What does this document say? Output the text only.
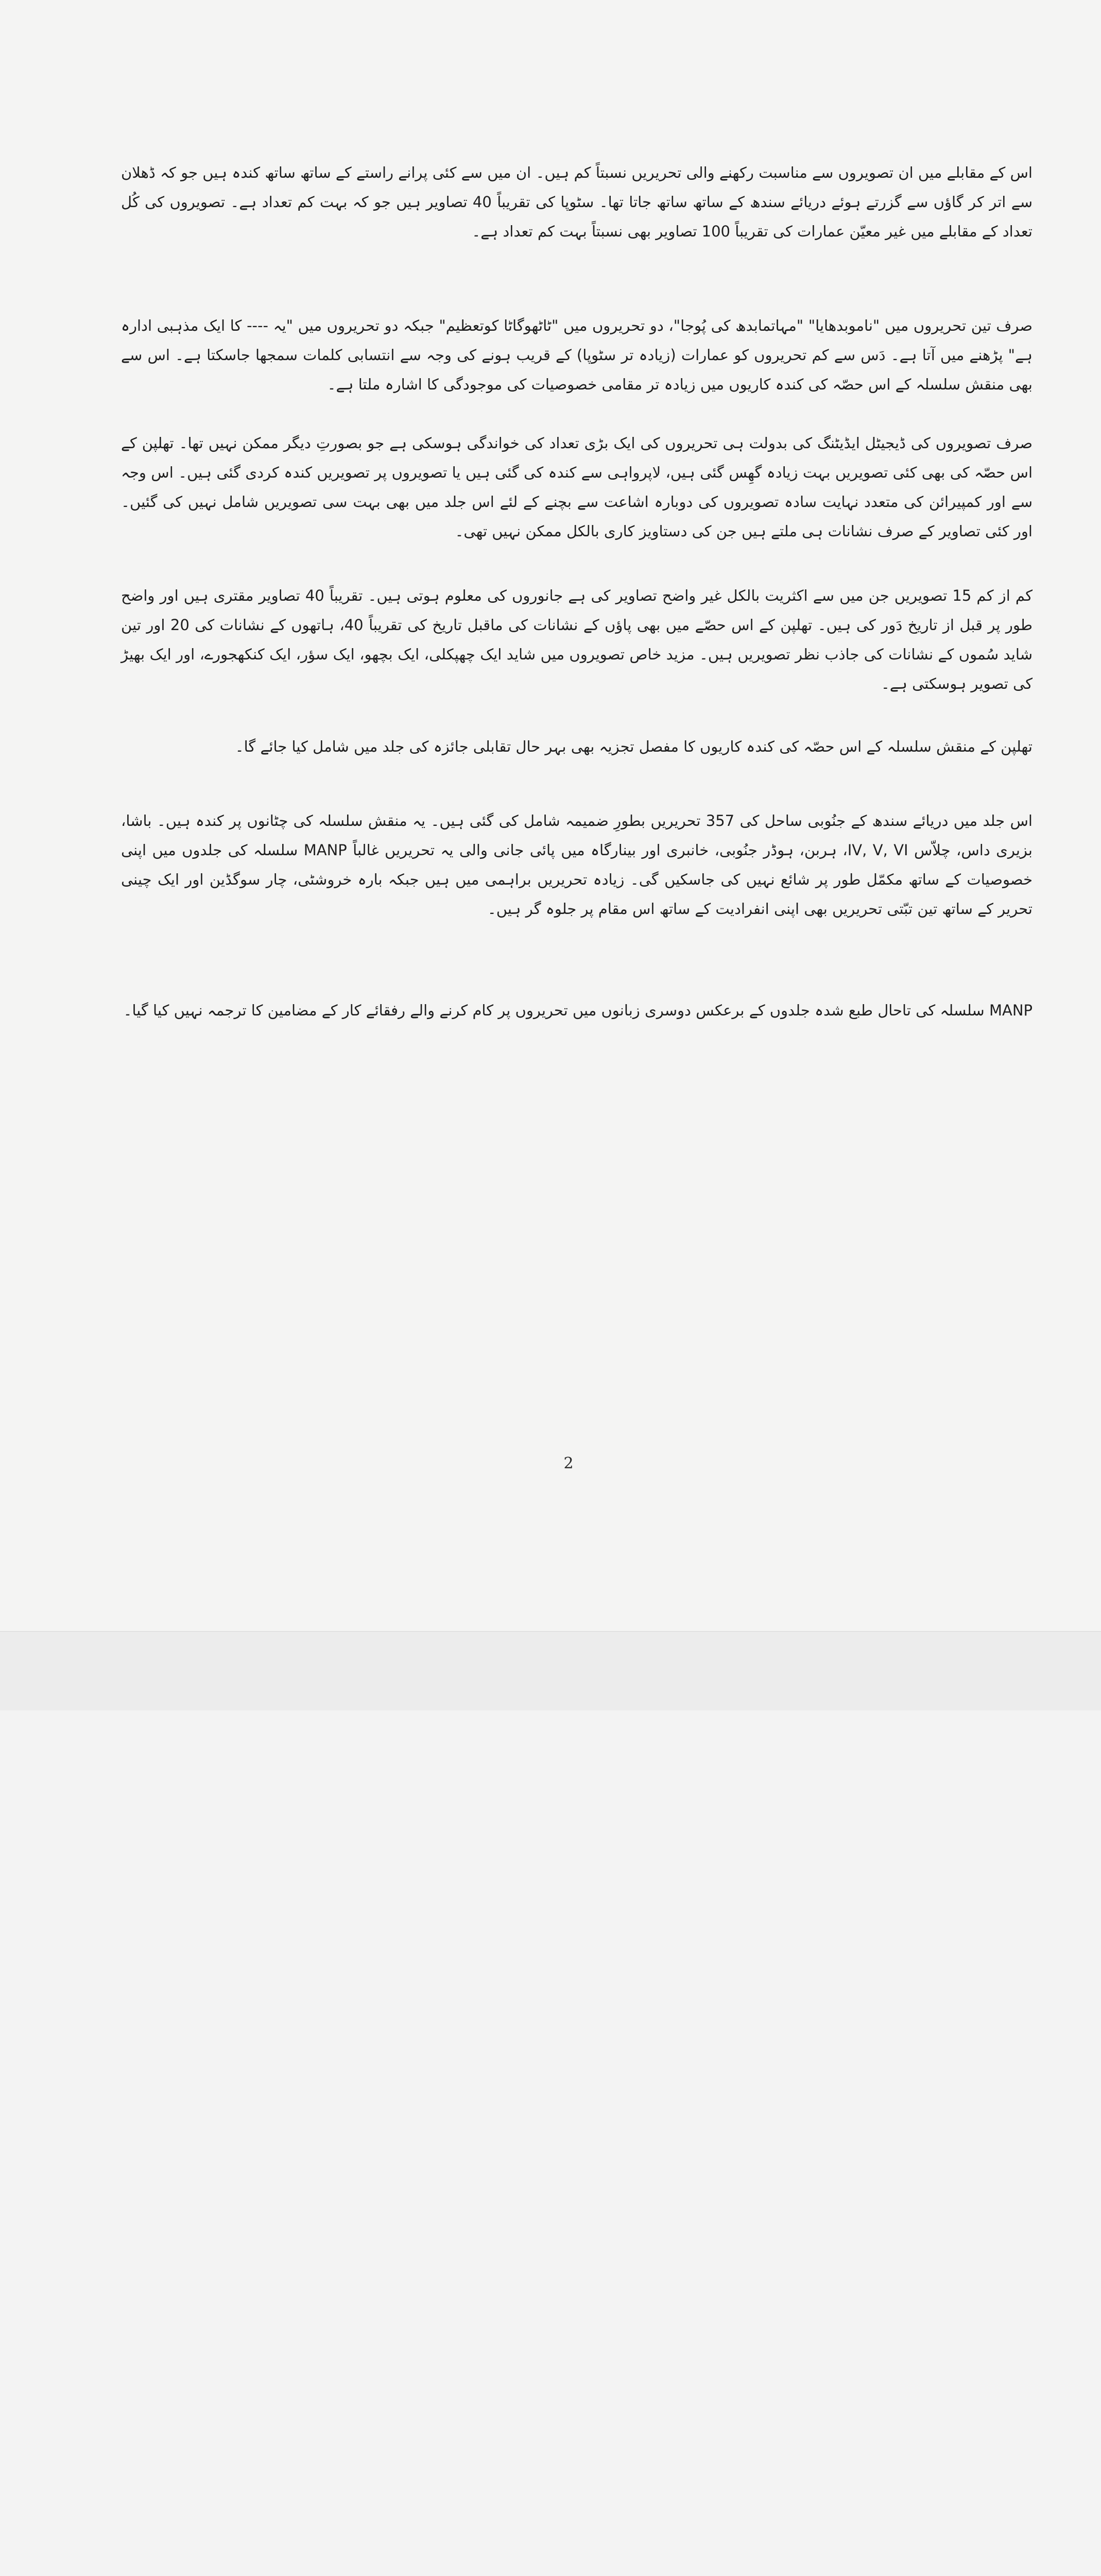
اس کے مقابلے میں ان تصویروں سے مناسبت رکھنے والی تحریریں نسبتاً کم ہیں۔ ان میں سے کئی پرانے راستے کے ساتھ ساتھ کندہ ہیں جو کہ ڈھلان سے اتر کر گاؤں سے گزرتے ہوئے دریائے سندھ کے ساتھ ساتھ جاتا تھا۔ سٹوپا کی تقریباً 40 تصاویر ہیں جو کہ بہت کم تعداد ہے۔ تصویروں کی کُل تعداد کے مقابلے میں غیر معیّن عمارات کی تقریباً 100 تصاویر بھی نسبتاً بہت کم تعداد ہے۔

صرف تین تحریروں میں "ناموبدھایا" "مہاتمابدھ کی پُوجا"، دو تحریروں میں "ٹاٹھوگاٹا کوتعظیم" جبکہ دو تحریروں میں "یہ ---- کا ایک مذہبی ادارہ ہے" پڑھنے میں آتا ہے۔ دَس سے کم تحریروں کو عمارات (زیادہ تر سٹوپا) کے قریب ہونے کی وجہ سے انتسابی کلمات سمجھا جاسکتا ہے۔ اس سے بھی منقش سلسلہ کے اس حصّہ کی کندہ کاریوں میں زیادہ تر مقامی خصوصیات کی موجودگی کا اشارہ ملتا ہے۔

صرف تصویروں کی ڈیجیٹل ایڈیٹنگ کی بدولت ہی تحریروں کی ایک بڑی تعداد کی خواندگی ہوسکی ہے جو بصورتِ دیگر ممکن نہیں تھا۔ تھلپن کے اس حصّہ کی بھی کئی تصویریں بہت زیادہ گھِس گئی ہیں، لاپرواہی سے کندہ کی گئی ہیں یا تصویروں پر تصویریں کندہ کردی گئی ہیں۔ اس وجہ سے اور کمپیرائن کی متعدد نہایت سادہ تصویروں کی دوبارہ اشاعت سے بچنے کے لئے اس جلد میں بھی بہت سی تصویریں شامل نہیں کی گئیں۔ اور کئی تصاویر کے صرف نشانات ہی ملتے ہیں جن کی دستاویز کاری بالکل ممکن نہیں تھی۔

کم از کم 15 تصویریں جن میں سے اکثریت بالکل غیر واضح تصاویر کی ہے جانوروں کی معلوم ہوتی ہیں۔ تقریباً 40 تصاویر مقتری ہیں اور واضح طور پر قبل از تاریخ دَور کی ہیں۔ تھلپن کے اس حصّے میں بھی پاؤں کے نشانات کی ماقبل تاریخ کی تقریباً 40، ہاتھوں کے نشانات کی 20 اور تین شاید سُموں کے نشانات کی جاذب نظر تصویریں ہیں۔ مزید خاص تصویروں میں شاید ایک چھپکلی، ایک بچھو، ایک سؤر، ایک کنکھجورے، اور ایک بھیڑ کی تصویر ہوسکتی ہے۔

تھلپن کے منقش سلسلہ کے اس حصّہ کی کندہ کاریوں کا مفصل تجزیہ بھی بہر حال تقابلی جائزہ کی جلد میں شامل کیا جائے گا۔

اس جلد میں دریائے سندھ کے جنُوبی ساحل کی 357 تحریریں بطورِ ضمیمہ شامل کی گئی ہیں۔ یہ منقش سلسلہ کی چٹانوں پر کندہ ہیں۔ باشا، بزیری داس، چلاّس IV, V, VI، ہربن، ہوڈر جنُوبی، خانبری اور بینارگاہ میں پائی جانی والی یہ تحریریں غالباً MANP سلسلہ کی جلدوں میں اپنی خصوصیات کے ساتھ مکمّل طور پر شائع نہیں کی جاسکیں گی۔ زیادہ تحریریں براہمی میں ہیں جبکہ بارہ خروشٹی، چار سوگڈین اور ایک چینی تحریر کے ساتھ تین تبّتی تحریریں بھی اپنی انفرادیت کے ساتھ اس مقام پر جلوہ گر ہیں۔

MANP سلسلہ کی تاحال طبع شدہ جلدوں کے برعکس دوسری زبانوں میں تحریروں پر کام کرنے والے رفقائے کار کے مضامین کا ترجمہ نہیں کیا گیا۔

2
